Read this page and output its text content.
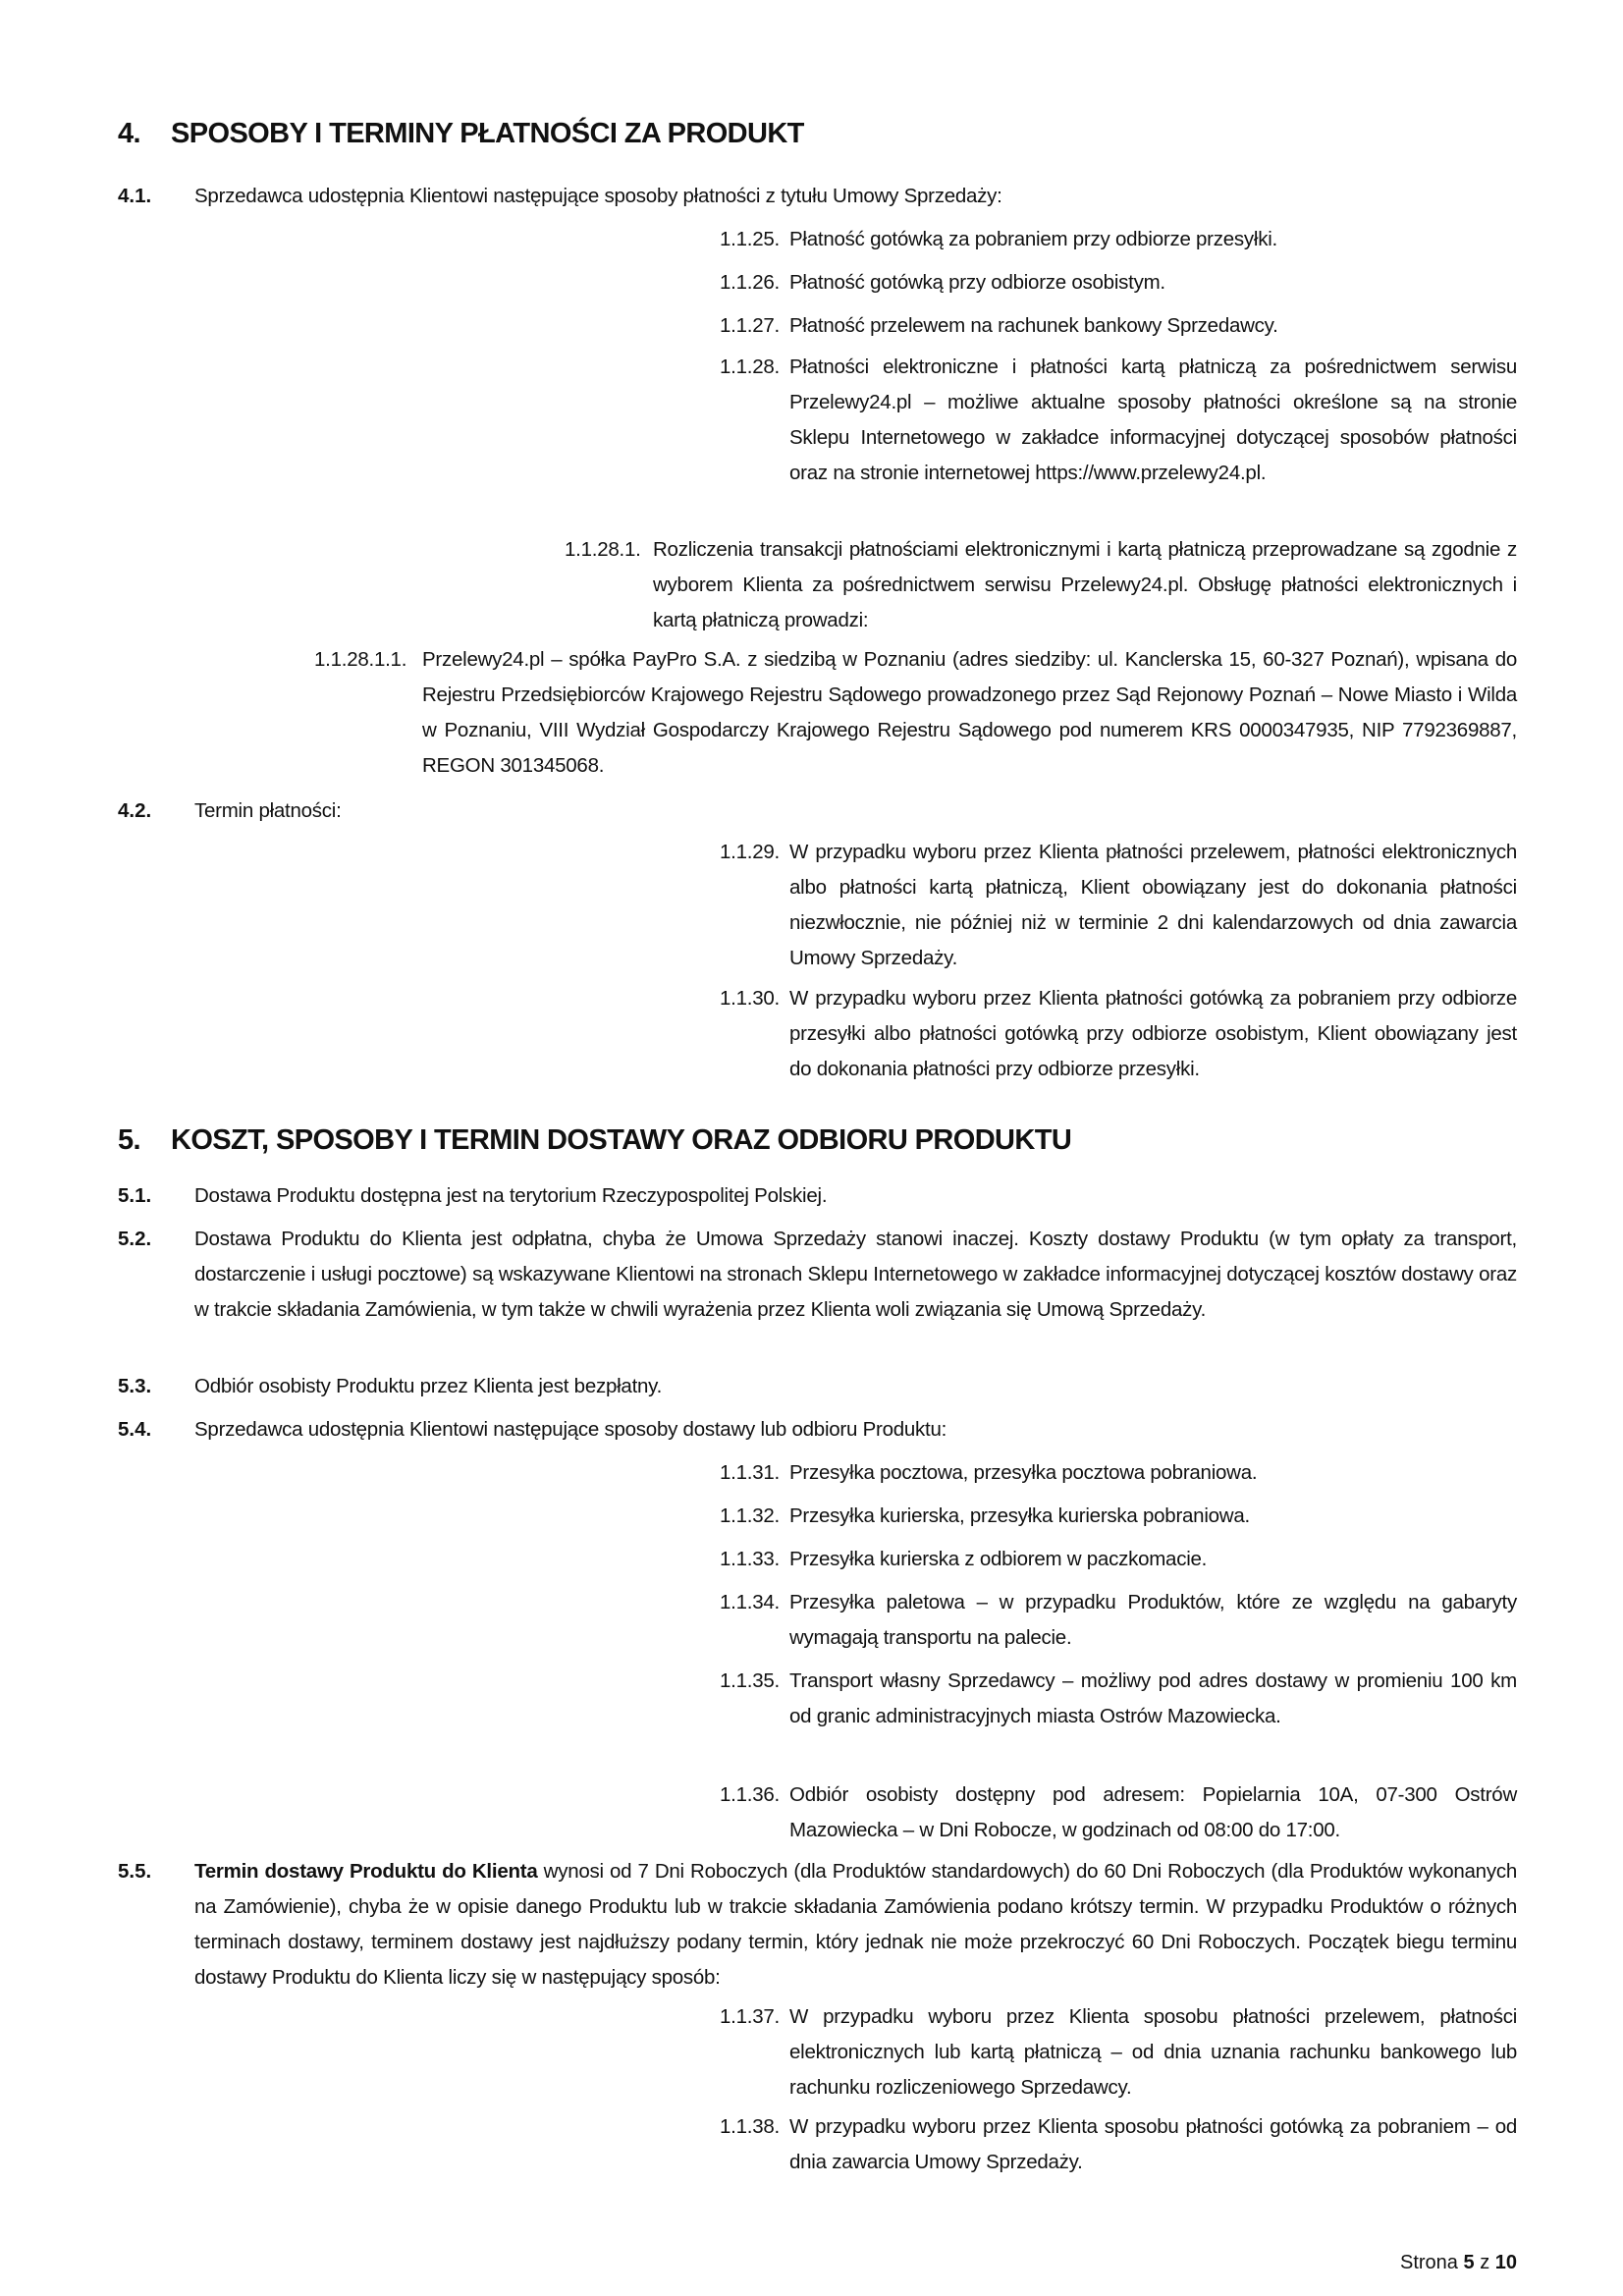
4. SPOSOBY I TERMINY PŁATNOŚCI ZA PRODUKT
4.1. Sprzedawca udostępnia Klientowi następujące sposoby płatności z tytułu Umowy Sprzedaży:
1.1.25. Płatność gotówką za pobraniem przy odbiorze przesyłki.
1.1.26. Płatność gotówką przy odbiorze osobistym.
1.1.27. Płatność przelewem na rachunek bankowy Sprzedawcy.
1.1.28. Płatności elektroniczne i płatności kartą płatniczą za pośrednictwem serwisu Przelewy24.pl – możliwe aktualne sposoby płatności określone są na stronie Sklepu Internetowego w zakładce informacyjnej dotyczącej sposobów płatności oraz na stronie internetowej https://www.przelewy24.pl.
1.1.28.1. Rozliczenia transakcji płatnościami elektronicznymi i kartą płatniczą przeprowadzane są zgodnie z wyborem Klienta za pośrednictwem serwisu Przelewy24.pl. Obsługę płatności elektronicznych i kartą płatniczą prowadzi:
1.1.28.1.1. Przelewy24.pl – spółka PayPro S.A. z siedzibą w Poznaniu (adres siedziby: ul. Kanclerska 15, 60-327 Poznań), wpisana do Rejestru Przedsiębiorców Krajowego Rejestru Sądowego prowadzonego przez Sąd Rejonowy Poznań – Nowe Miasto i Wilda w Poznaniu, VIII Wydział Gospodarczy Krajowego Rejestru Sądowego pod numerem KRS 0000347935, NIP 7792369887, REGON 301345068.
4.2. Termin płatności:
1.1.29. W przypadku wyboru przez Klienta płatności przelewem, płatności elektronicznych albo płatności kartą płatniczą, Klient obowiązany jest do dokonania płatności niezwłocznie, nie później niż w terminie 2 dni kalendarzowych od dnia zawarcia Umowy Sprzedaży.
1.1.30. W przypadku wyboru przez Klienta płatności gotówką za pobraniem przy odbiorze przesyłki albo płatności gotówką przy odbiorze osobistym, Klient obowiązany jest do dokonania płatności przy odbiorze przesyłki.
5. KOSZT, SPOSOBY I TERMIN DOSTAWY ORAZ ODBIORU PRODUKTU
5.1. Dostawa Produktu dostępna jest na terytorium Rzeczypospolitej Polskiej.
5.2. Dostawa Produktu do Klienta jest odpłatna, chyba że Umowa Sprzedaży stanowi inaczej. Koszty dostawy Produktu (w tym opłaty za transport, dostarczenie i usługi pocztowe) są wskazywane Klientowi na stronach Sklepu Internetowego w zakładce informacyjnej dotyczącej kosztów dostawy oraz w trakcie składania Zamówienia, w tym także w chwili wyrażenia przez Klienta woli związania się Umową Sprzedaży.
5.3. Odbiór osobisty Produktu przez Klienta jest bezpłatny.
5.4. Sprzedawca udostępnia Klientowi następujące sposoby dostawy lub odbioru Produktu:
1.1.31. Przesyłka pocztowa, przesyłka pocztowa pobraniowa.
1.1.32. Przesyłka kurierska, przesyłka kurierska pobraniowa.
1.1.33. Przesyłka kurierska z odbiorem w paczkomacie.
1.1.34. Przesyłka paletowa – w przypadku Produktów, które ze względu na gabaryty wymagają transportu na palecie.
1.1.35. Transport własny Sprzedawcy – możliwy pod adres dostawy w promieniu 100 km od granic administracyjnych miasta Ostrów Mazowiecka.
1.1.36. Odbiór osobisty dostępny pod adresem: Popielarnia 10A, 07-300 Ostrów Mazowiecka – w Dni Robocze, w godzinach od 08:00 do 17:00.
5.5. Termin dostawy Produktu do Klienta wynosi od 7 Dni Roboczych (dla Produktów standardowych) do 60 Dni Roboczych (dla Produktów wykonanych na Zamówienie), chyba że w opisie danego Produktu lub w trakcie składania Zamówienia podano krótszy termin. W przypadku Produktów o różnych terminach dostawy, terminem dostawy jest najdłuższy podany termin, który jednak nie może przekroczyć 60 Dni Roboczych. Początek biegu terminu dostawy Produktu do Klienta liczy się w następujący sposób:
1.1.37. W przypadku wyboru przez Klienta sposobu płatności przelewem, płatności elektronicznych lub kartą płatniczą – od dnia uznania rachunku bankowego lub rachunku rozliczeniowego Sprzedawcy.
1.1.38. W przypadku wyboru przez Klienta sposobu płatności gotówką za pobraniem – od dnia zawarcia Umowy Sprzedaży.
Strona 5 z 10
